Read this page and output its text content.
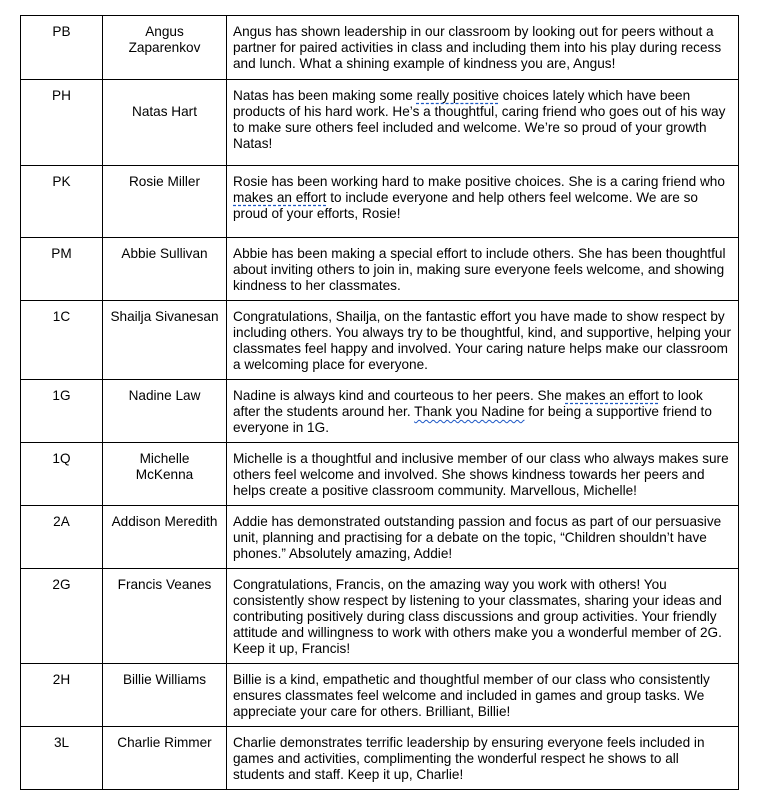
PB	Angus Zaparenkov	Angus has shown leadership in our classroom by looking out for peers without a partner for paired activities in class and including them into his play during recess and lunch. What a shining example of kindness you are, Angus!
PH	Natas Hart	Natas has been making some really positive choices lately which have been products of his hard work. He’s a thoughtful, caring friend who goes out of his way to make sure others feel included and welcome. We’re so proud of your growth Natas!
PK	Rosie Miller	Rosie has been working hard to make positive choices. She is a caring friend who makes an effort to include everyone and help others feel welcome. We are so proud of your efforts, Rosie!
PM	Abbie Sullivan	Abbie has been making a special effort to include others. She has been thoughtful about inviting others to join in, making sure everyone feels welcome, and showing kindness to her classmates.
1C	Shailja Sivanesan	Congratulations, Shailja, on the fantastic effort you have made to show respect by including others. You always try to be thoughtful, kind, and supportive, helping your classmates feel happy and involved. Your caring nature helps make our classroom a welcoming place for everyone.
1G	Nadine Law	Nadine is always kind and courteous to her peers. She makes an effort to look after the students around her. Thank you Nadine for being a supportive friend to everyone in 1G.
1Q	Michelle McKenna	Michelle is a thoughtful and inclusive member of our class who always makes sure others feel welcome and involved. She shows kindness towards her peers and helps create a positive classroom community. Marvellous, Michelle!
2A	Addison Meredith	Addie has demonstrated outstanding passion and focus as part of our persuasive unit, planning and practising for a debate on the topic, “Children shouldn’t have phones.” Absolutely amazing, Addie!
2G	Francis Veanes	Congratulations, Francis, on the amazing way you work with others! You consistently show respect by listening to your classmates, sharing your ideas and contributing positively during class discussions and group activities. Your friendly attitude and willingness to work with others make you a wonderful member of 2G. Keep it up, Francis!
2H	Billie Williams	Billie is a kind, empathetic and thoughtful member of our class who consistently ensures classmates feel welcome and included in games and group tasks. We appreciate your care for others. Brilliant, Billie!
3L	Charlie Rimmer	Charlie demonstrates terrific leadership by ensuring everyone feels included in games and activities, complimenting the wonderful respect he shows to all students and staff. Keep it up, Charlie!
